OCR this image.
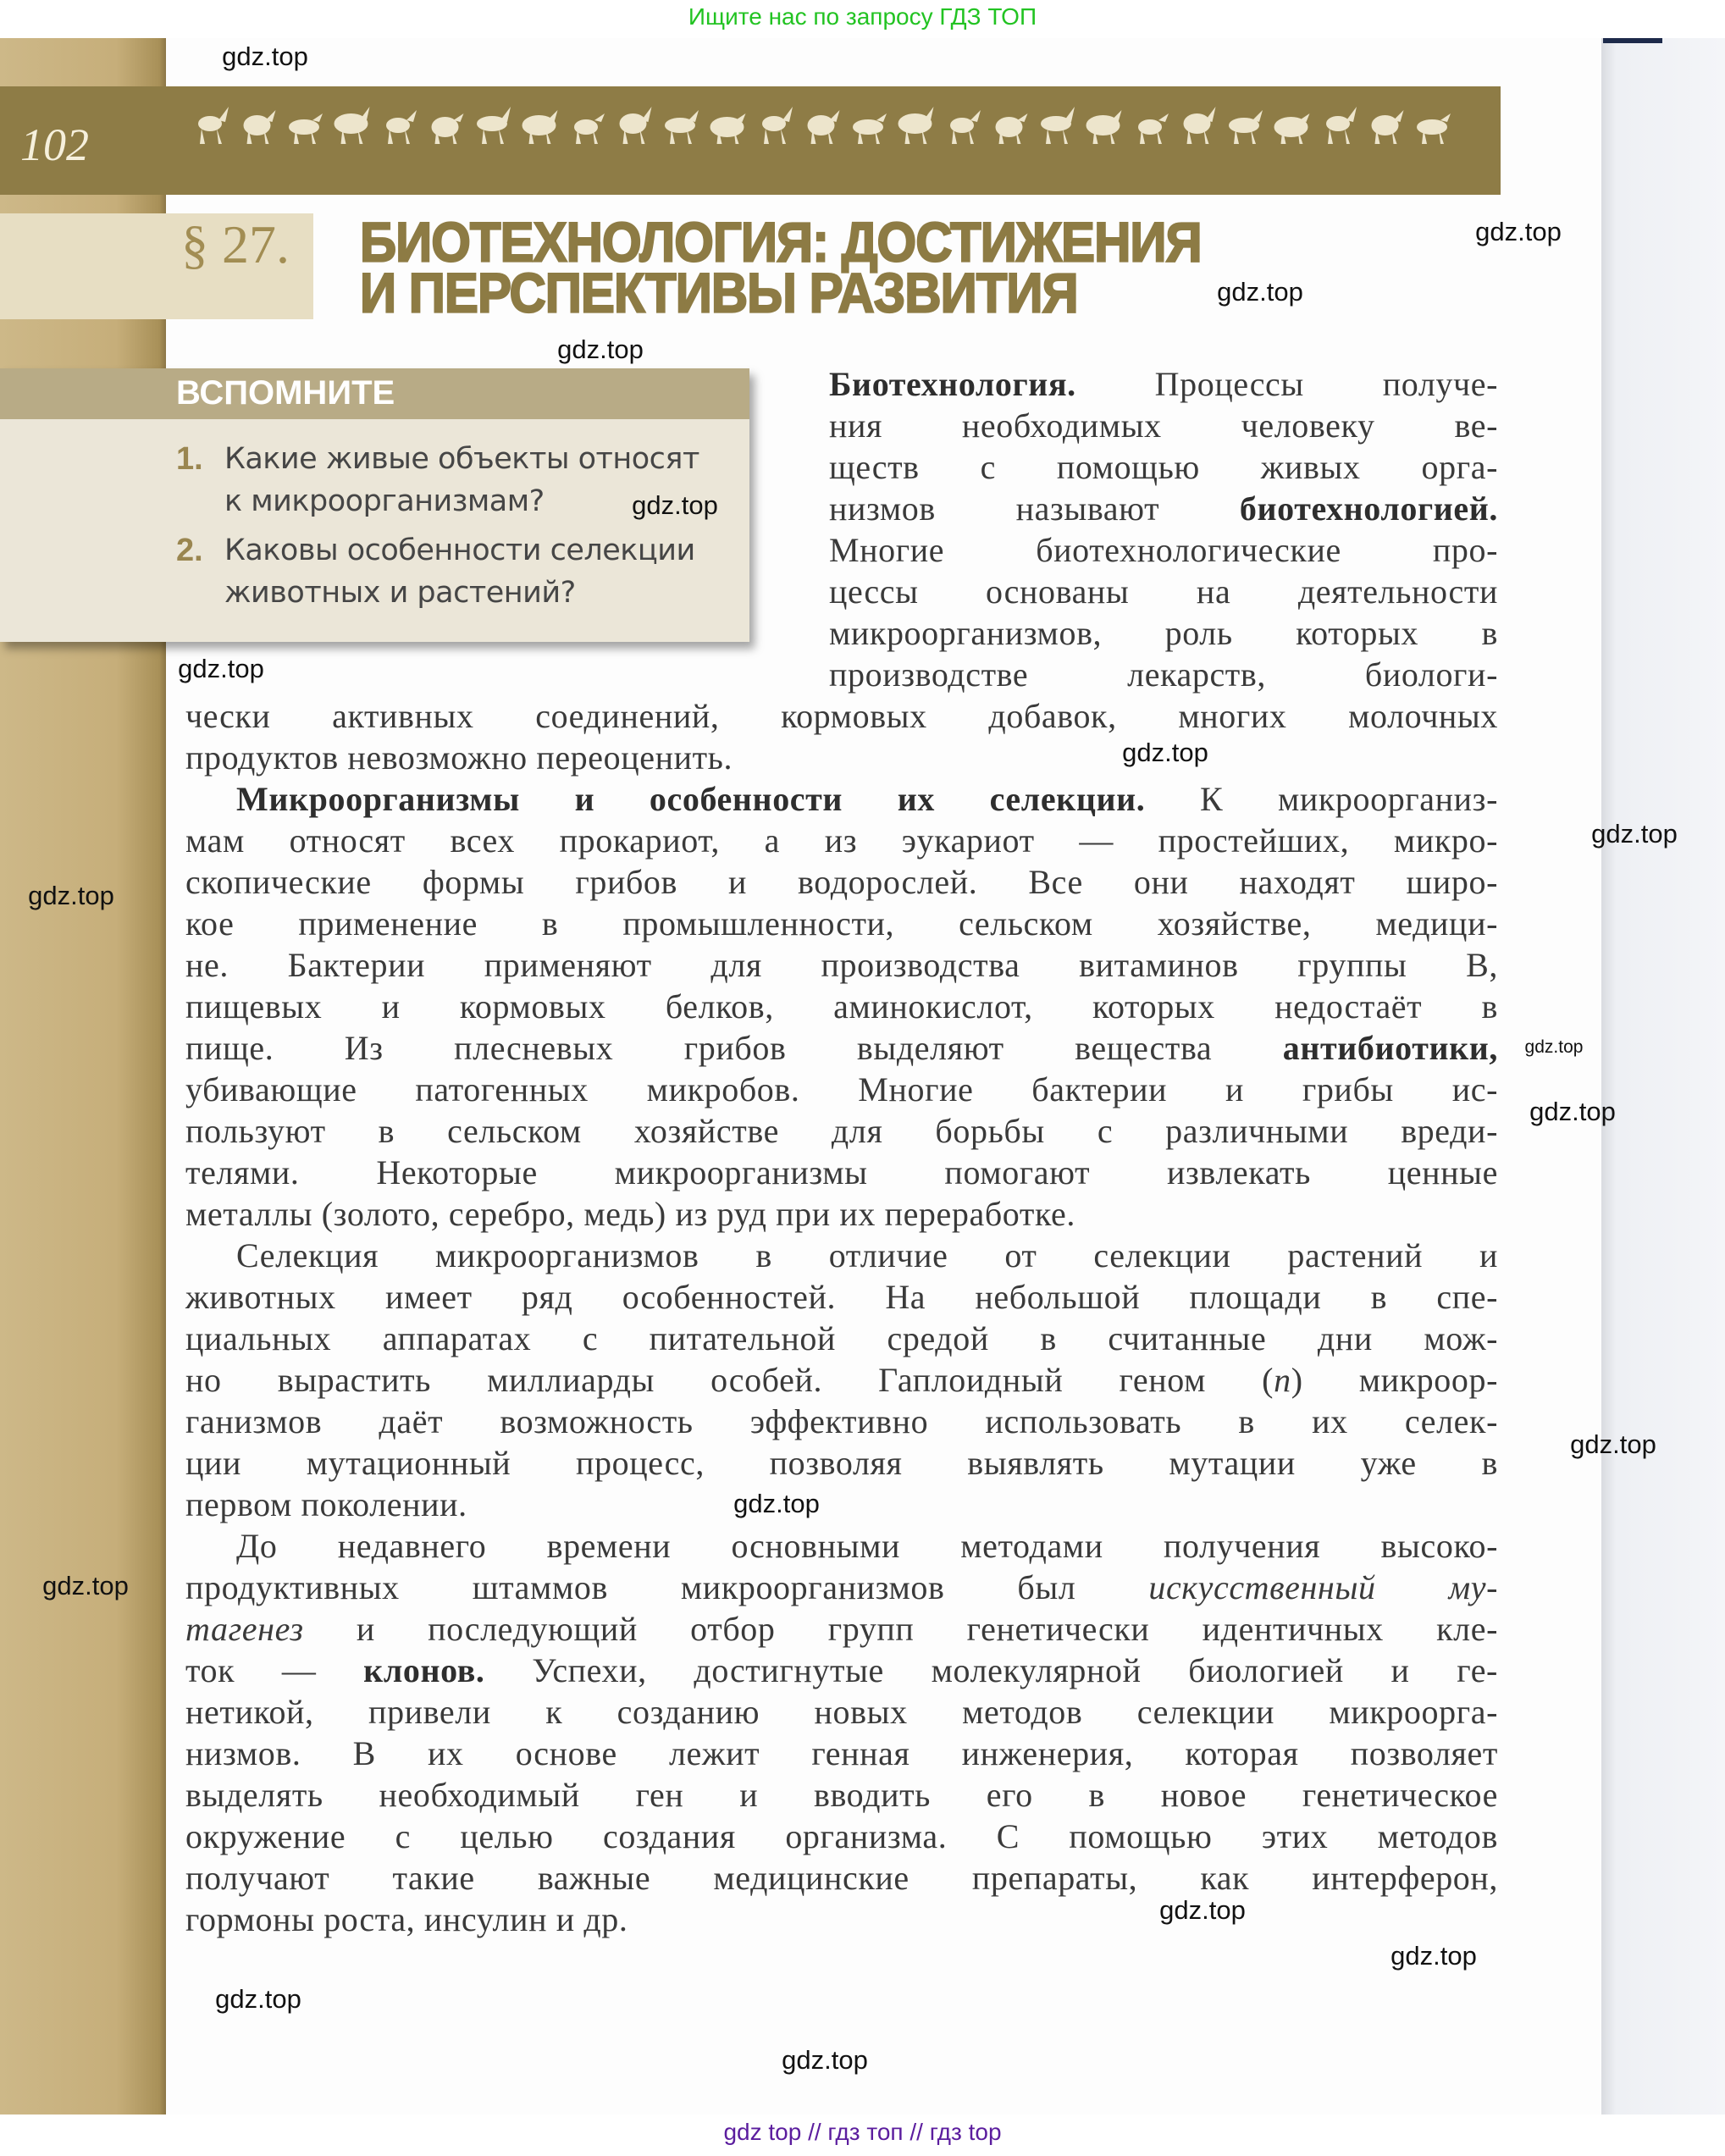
Ищите нас по запросу ГДЗ ТОП
102
§ 27. БИОТЕХНОЛОГИЯ: ДОСТИЖЕНИЯ
И ПЕРСПЕКТИВЫ РАЗВИТИЯ
ВСПОМНИТЕ
1. Какие живые объекты относят
к микроорганизмам?
2. Каковы особенности селекции
животных и растений?
Биотехнология. Процессы получе-
ния необходимых человеку ве-
ществ с помощью живых орга-
низмов называют биотехнологией.
Многие биотехнологические про-
цессы основаны на деятельности
микроорганизмов, роль которых в
производстве лекарств, биологи-
чески активных соединений, кормовых добавок, многих молочных
продуктов невозможно переоценить.
Микроорганизмы и особенности их селекции. К микроорганиз-
мам относят всех прокариот, а из эукариот — простейших, микро-
скопические формы грибов и водорослей. Все они находят широ-
кое применение в промышленности, сельском хозяйстве, медици-
не. Бактерии применяют для производства витаминов группы В,
пищевых и кормовых белков, аминокислот, которых недостаёт в
пище. Из плесневых грибов выделяют вещества антибиотики,
убивающие патогенных микробов. Многие бактерии и грибы ис-
пользуют в сельском хозяйстве для борьбы с различными вреди-
телями. Некоторые микроорганизмы помогают извлекать ценные
металлы (золото, серебро, медь) из руд при их переработке.
Селекция микроорганизмов в отличие от селекции растений и
животных имеет ряд особенностей. На небольшой площади в спе-
циальных аппаратах с питательной средой в считанные дни мож-
но вырастить миллиарды особей. Гаплоидный геном (n) микроор-
ганизмов даёт возможность эффективно использовать в их селек-
ции мутационный процесс, позволяя выявлять мутации уже в
первом поколении.
До недавнего времени основными методами получения высоко-
продуктивных штаммов микроорганизмов был искусственный му-
тагенез и последующий отбор групп генетически идентичных кле-
ток — клонов. Успехи, достигнутые молекулярной биологией и ге-
нетикой, привели к созданию новых методов селекции микроорга-
низмов. В их основе лежит генная инженерия, которая позволяет
выделять необходимый ген и вводить его в новое генетическое
окружение с целью создания организма. С помощью этих методов
получают такие важные медицинские препараты, как интерферон,
гормоны роста, инсулин и др.
gdz.top
gdz.top
gdz.top
gdz.top
gdz.top
gdz.top
gdz.top
gdz.top
gdz.top
gdz.top
gdz.top
gdz.top
gdz.top
gdz.top
gdz.top
gdz.top
gdz.top
gdz.top
gdz top // гдз топ // гдз top
